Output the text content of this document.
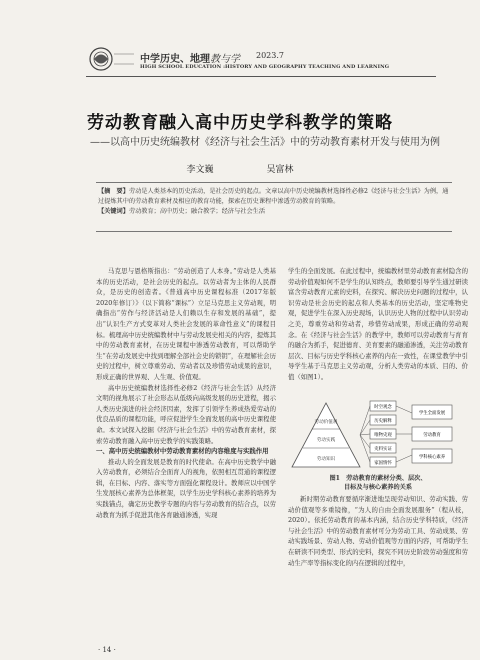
中学历史、地理教与学 2023.7
HIGH SCHOOL EDUCATION :HISTORY AND GEOGRAPHY TEACHING AND LEARNING
劳动教育融入高中历史学科教学的策略
——以高中历史统编教材《经济与社会生活》中的劳动教育素材开发与使用为例
李文巍	吴富林
【摘　要】劳动是人类基本的历史活动，是社会历史的起点。文章以高中历史统编教材选择性必修2《经济与社会生活》为例，通过提炼其中的劳动教育素材及相应的教育功能，探索在历史课程中渗透劳动教育的策略。
【关键词】劳动教育；高中历史；融合教学；经济与社会生活

马克思与恩格斯指出：“劳动创造了人本身。”劳动是人类基本的历史活动，是社会历史的起点。以劳动者为主体的人民群众，是历史的创造者。《普通高中历史课程标准（2017年版2020年修订）》（以下简称“课标”）立足马克思主义劳动观，明确指出“劳作与经济活动是人们赖以生存和发展的基础”，提出“认识生产方式变革对人类社会发展的革命性意义”的课程目标。梳理高中历史统编教材中与劳动发展史相关的内容，提炼其中的劳动教育素材，在历史课程中渗透劳动教育，可以帮助学生“在劳动发展史中找到理解全部社会史的锁钥”，在理解社会历史的过程中，树立尊重劳动、劳动者以及珍惜劳动成果的意识，形成正确的世界观、人生观、价值观。

高中历史统编教材选择性必修2《经济与社会生活》从经济文明的视角展示了社会形态从低级向高级发展的历史进程，揭示人类历史演进的社会经济因素，发挥了引领学生养成热爱劳动的优良品质的课程功能，呼应促进学生全面发展的高中历史课程使命。本文试探入挖掘《经济与社会生活》中的劳动教育素材，探索劳动教育融入高中历史教学的实践策略。

一、高中历史统编教材中劳动教育素材的内容维度与实践作用

推动人的全面发展是教育的时代使命。在高中历史教学中融入劳动教育，必须结合全面育人的视角，依照相互贯通的课程逻辑，在目标、内容、落实等方面强化课程设计。教师应以中国学生发展核心素养为总体框架，以学生历史学科核心素养的培养为实践锚点，确定历史教学专题的内容与劳动教育的结合点，以劳动教育为抓手促进其他各育融通渗透，实现

学生的全面发展。在此过程中，统编教材里劳动教育素材隐含的劳动价值观如何不是学生的认知终点，教师要引导学生通过研读富含劳动教育元素的史料，在探究、解决历史问题的过程中，认识劳动是社会历史的起点和人类基本的历史活动，坚定唯物史观，促进学生在深入历史现场，认识历史人物的过程中认识劳动之美，尊重劳动和劳动者，珍惜劳动成果，形成正确的劳动观念。在《经济与社会生活》的教学中，教师可以劳动教育与育育的融合为抓手，促进德育、美育要素的融通渗透，关注劳动教育层次、目标与历史学科核心素养的内在一致性，在课堂教学中引导学生基于马克思主义劳动观，分析人类劳动的本质、目的、价值（如图1）。

劳动价值观
劳动实践
劳动知识
时空观念
历史解释
唯物史观
史料实证
家国情怀
学生全面发展
劳动教育
学科核心素养
图1　劳动教育的素材分类、层次、
目标及与核心素养的关系

新时期劳动教育要循序渐进地呈现劳动知识、劳动实践、劳动价值观等多重镜像，“为人的自由全面发展服务”（程从枝，2020）。依托劳动教育的基本内涵，结合历史学科特质，《经济与社会生活》中的劳动教育素材可分为劳动工具、劳动成果、劳动实践场景、劳动人物、劳动价值观等方面的内容，可帮助学生在研读不同类型、形式的史料，探究不同历史阶段劳动强度和劳动生产率等指标变化的内在逻辑的过程中，

· 14 ·
